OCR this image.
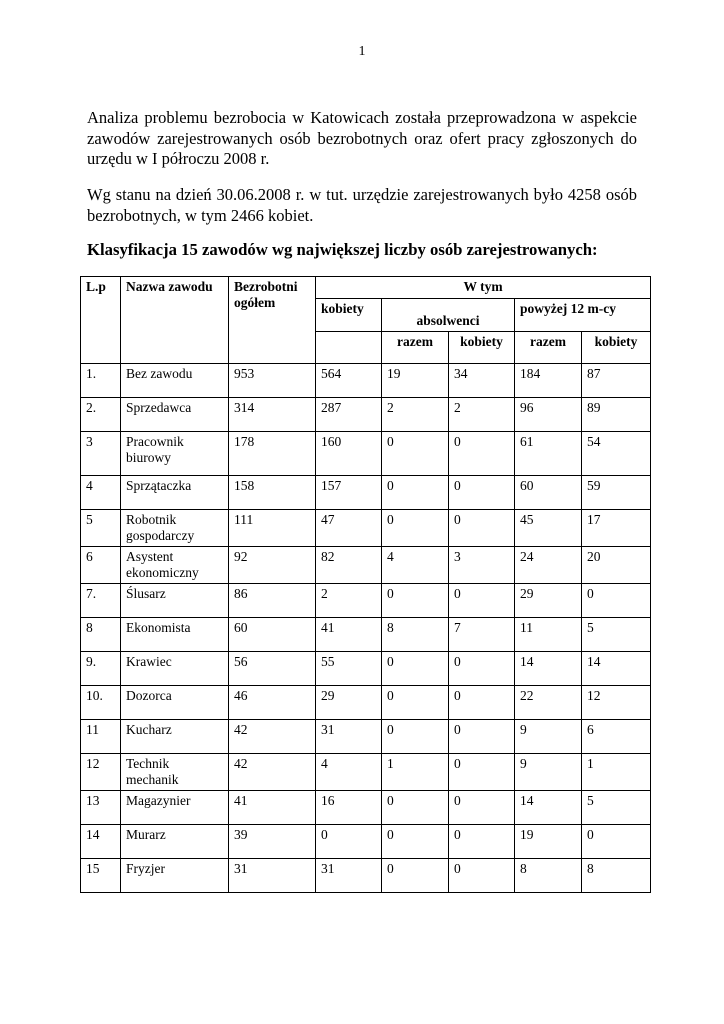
1
Analiza problemu bezrobocia w Katowicach została przeprowadzona w aspekcie zawodów zarejestrowanych osób bezrobotnych oraz ofert pracy zgłoszonych do urzędu w I półroczu 2008 r.
Wg stanu na dzień 30.06.2008 r. w tut. urzędzie zarejestrowanych było 4258 osób bezrobotnych, w tym 2466 kobiet.
Klasyfikacja 15 zawodów wg największej liczby osób zarejestrowanych:
L.p	Nazwa zawodu	Bezrobotni ogółem	W tym				
			kobiety	absolwenci		powyżej 12 m-cy	
				razem	kobiety	razem	kobiety
1.	Bez zawodu	953	564	19	34	184	87
2.	Sprzedawca	314	287	2	2	96	89
3	Pracownik biurowy	178	160	0	0	61	54
4	Sprzątaczka	158	157	0	0	60	59
5	Robotnik gospodarczy	111	47	0	0	45	17
6	Asystent ekonomiczny	92	82	4	3	24	20
7.	Ślusarz	86	2	0	0	29	0
8	Ekonomista	60	41	8	7	11	5
9.	Krawiec	56	55	0	0	14	14
10.	Dozorca	46	29	0	0	22	12
11	Kucharz	42	31	0	0	9	6
12	Technik mechanik	42	4	1	0	9	1
13	Magazynier	41	16	0	0	14	5
14	Murarz	39	0	0	0	19	0
15	Fryzjer	31	31	0	0	8	8
